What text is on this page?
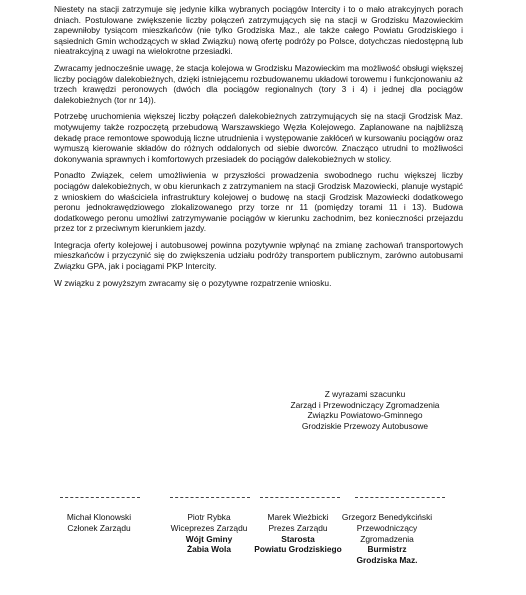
Niestety na stacji zatrzymuje się jedynie kilka wybranych pociągów Intercity i to o mało atrakcyjnych porach dniach. Postulowane zwiększenie liczby połączeń zatrzymujących się na stacji w Grodzisku Mazowieckim zapewniłoby tysiącom mieszkańców (nie tylko Grodziska Maz., ale także całego Powiatu Grodziskiego i sąsiednich Gmin wchodzących w skład Związku) nową ofertę podróży po Polsce, dotychczas niedostępną lub nieatrakcyjną z uwagi na wielokrotne przesiadki.

Zwracamy jednocześnie uwagę, że stacja kolejowa w Grodzisku Mazowieckim ma możliwość obsługi większej liczby pociągów dalekobieżnych, dzięki istniejącemu rozbudowanemu układowi torowemu i funkcjonowaniu aż trzech krawędzi peronowych (dwóch dla pociągów regionalnych (tory 3 i 4) i jednej dla pociągów dalekobieżnych (tor nr 14)).

Potrzebę uruchomienia większej liczby połączeń dalekobieżnych zatrzymujących się na stacji Grodzisk Maz. motywujemy także rozpoczętą przebudową Warszawskiego Węzła Kolejowego. Zaplanowane na najbliższą dekadę prace remontowe spowodują liczne utrudnienia i występowanie zakłóceń w kursowaniu pociągów oraz wymuszą kierowanie składów do różnych oddalonych od siebie dworców. Znacząco utrudni to możliwości dokonywania sprawnych i komfortowych przesiadek do pociągów dalekobieżnych w stolicy.

Ponadto Związek, celem umożliwienia w przyszłości prowadzenia swobodnego ruchu większej liczby pociągów dalekobieżnych, w obu kierunkach z zatrzymaniem na stacji Grodzisk Mazowiecki, planuje wystąpić z wnioskiem do właściciela infrastruktury kolejowej o budowę na stacji Grodzisk Mazowiecki dodatkowego peronu jednokrawędziowego zlokalizowanego przy torze nr 11 (pomiędzy torami 11 i 13). Budowa dodatkowego peronu umożliwi zatrzymywanie pociągów w kierunku zachodnim, bez konieczności przejazdu przez tor z przeciwnym kierunkiem jazdy.

Integracja oferty kolejowej i autobusowej powinna pozytywnie wpłynąć na zmianę zachowań transportowych mieszkańców i przyczynić się do zwiększenia udziału podróży transportem publicznym, zarówno autobusami Związku GPA, jak i pociągami PKP Intercity.

W związku z powyższym zwracamy się o pozytywne rozpatrzenie wniosku.

Z wyrazami szacunku
Zarząd i Przewodniczący Zgromadzenia
Związku Powiatowo-Gminnego
Grodziskie Przewozy Autobusowe
Michał Klonowski
Członek Zarządu
Piotr Rybka
Wiceprezes Zarządu
Wójt Gminy
Żabia Wola
Marek Wieżbicki
Prezes Zarządu
Starosta
Powiatu Grodziskiego
Grzegorz Benedykciński
Przewodniczący
Zgromadzenia
Burmistrz
Grodziska Maz.
